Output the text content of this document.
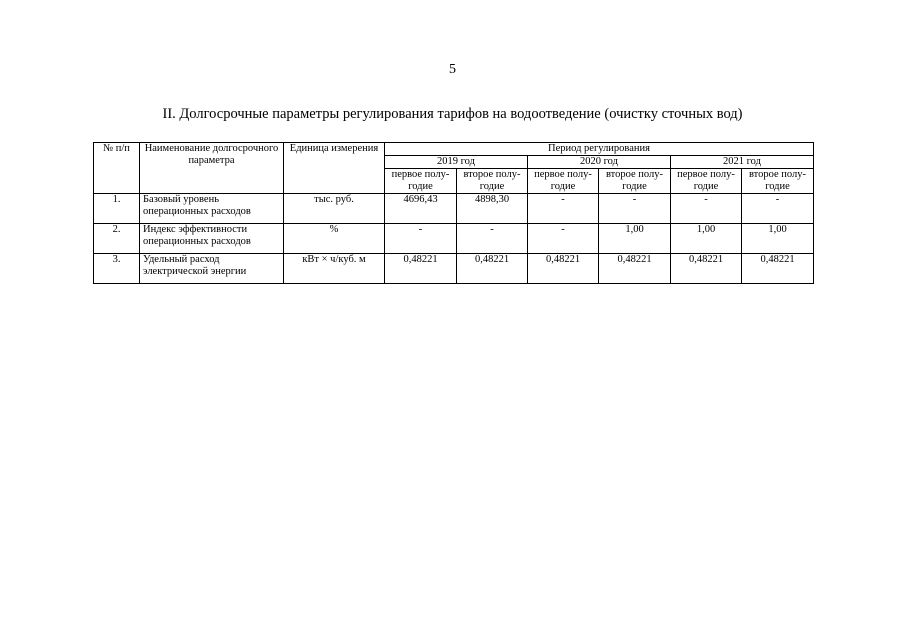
5
II. Долгосрочные параметры регулирования тарифов на водоотведение (очистку сточных вод)
№ п/п	Наименование долгосрочного параметра	Единица измерения	Период регулирования					
			2019 год		2020 год		2021 год	
			первое полу-годие	второе полу-годие	первое полу-годие	второе полу-годие	первое полу-годие	второе полу-годие
1.	Базовый уровень операционных расходов	тыс. руб.	4696,43	4898,30	-	-	-	-
2.	Индекс эффективности операционных расходов	%	-	-	-	1,00	1,00	1,00
3.	Удельный расход электрической энергии	кВт × ч/куб. м	0,48221	0,48221	0,48221	0,48221	0,48221	0,48221
